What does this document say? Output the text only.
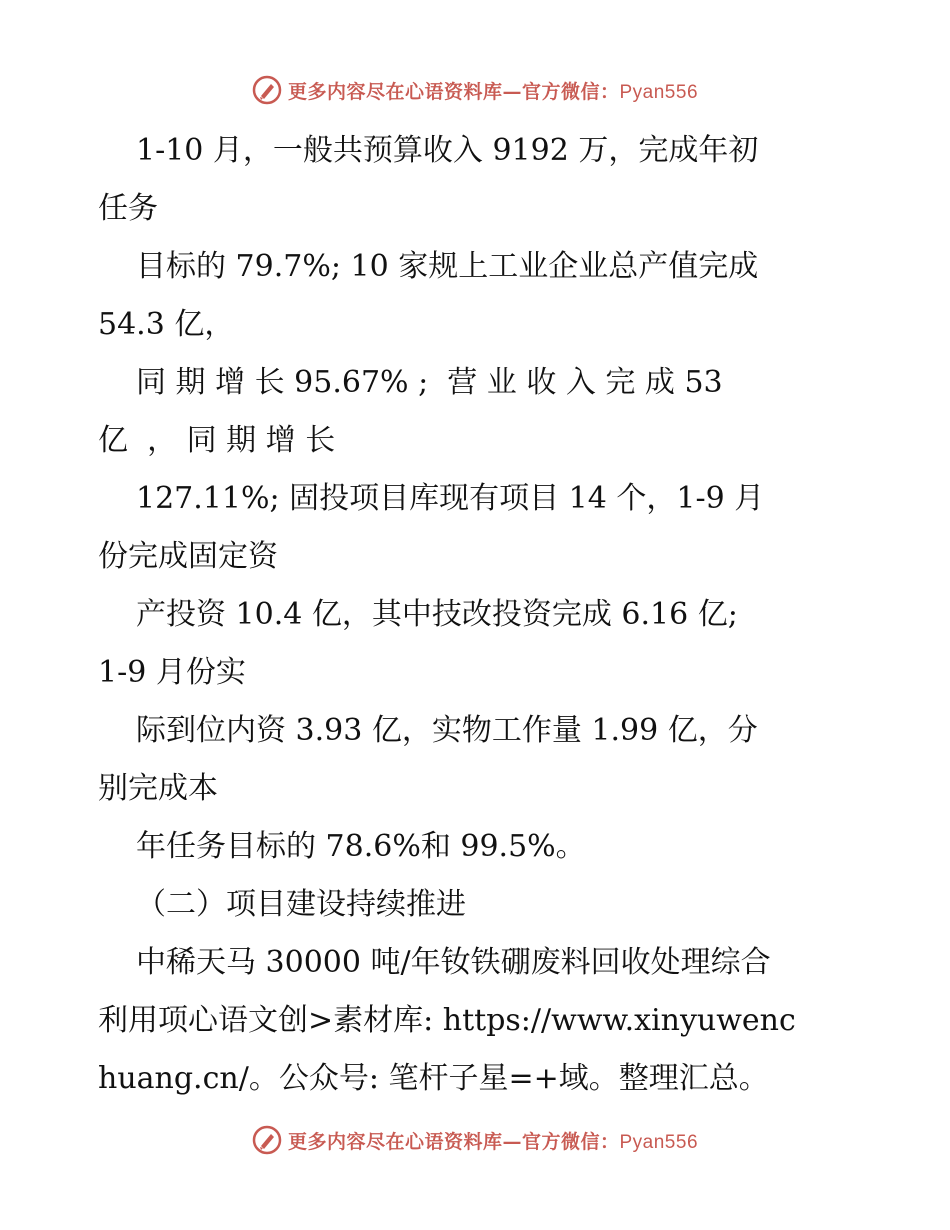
更多内容尽在心语资料库—官方微信：Pyan556
1-10 月，一般共预算收入 9192 万，完成年初
任务
目标的 79.7%; 10 家规上工业企业总产值完成
54.3 亿，
同 期 增 长 95.67% ;  营 业 收 入 完 成 53
亿  ， 同 期 增 长
127.11%; 固投项目库现有项目 14 个，1-9 月
份完成固定资
产投资 10.4 亿，其中技改投资完成 6.16 亿;
1-9 月份实
际到位内资 3.93 亿，实物工作量 1.99 亿，分
别完成本
年任务目标的 78.6%和 99.5%。
（二）项目建设持续推进
中稀天马 30000 吨/年钕铁硼废料回收处理综合
利用项心语文创>素材库: https://www.xinyuwenc
huang.cn/。公众号: 笔杆子星=+域。整理汇总。
更多内容尽在心语资料库—官方微信：Pyan556
